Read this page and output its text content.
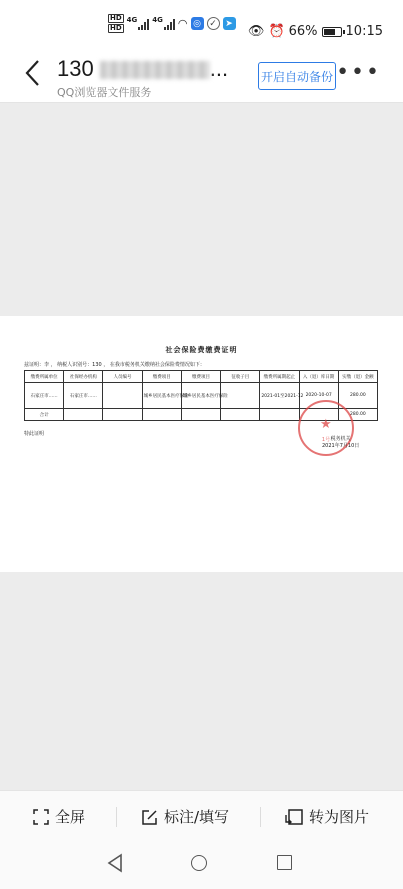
HD
HD
4G 4G ◠ ◎ ✓ ➤
👁 ⏰ 66% 10:15
130	...
QQ浏览器文件服务
开启自动备份 •••
社会保险费缴费证明
兹证明：李 ， 纳税人识别号：130 ， 在我市税务机关缴纳社会保险费情况如下：
缴费所属单位	社保经办机构	人员编号	缴费项目	缴费项目	征收子目	缴费所属期起止	入（退）库日期	实缴（退）金额
石家庄市……	石家庄市……		城乡居民基本医疗保险	城乡居民基本医疗保险		2021-01至2021-12	2020-10-07	280.00
合计								280.00
特此证明
★ 1号 税务机关
2021年7月10日
全屏	标注/填写	转为图片
